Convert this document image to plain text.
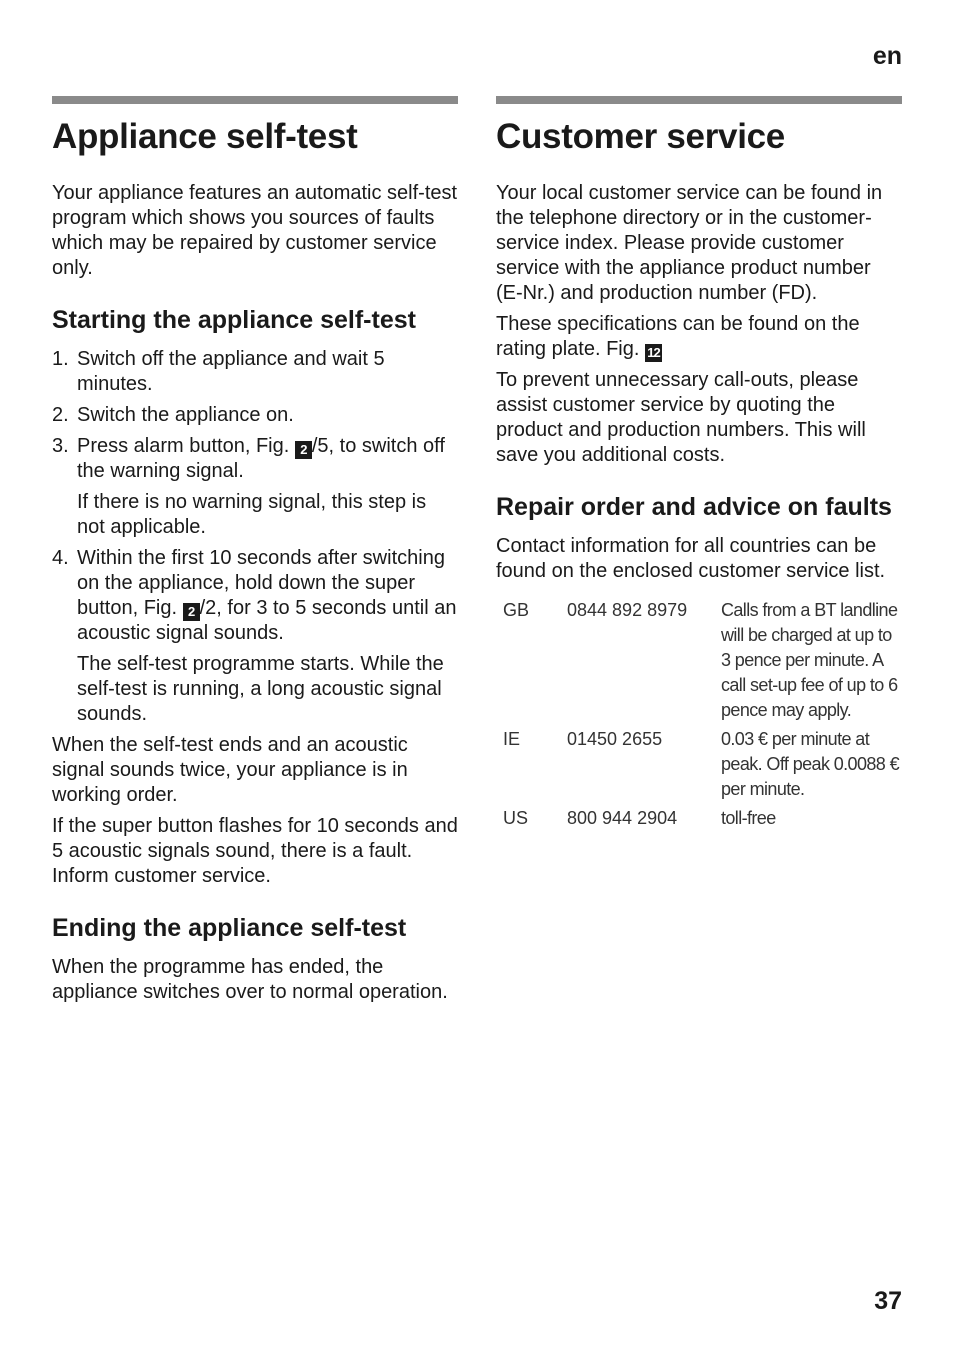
en
Appliance self-test

Your appliance features an automatic self-test program which shows you sources of faults which may be repaired by customer service only.

Starting the appliance self-test
1. Switch off the appliance and wait 5 minutes.
2. Switch the appliance on.
3. Press alarm button, Fig. 2 /5, to switch off the warning signal.
If there is no warning signal, this step is not applicable.
4. Within the first 10 seconds after switching on the appliance, hold down the super button, Fig. 2 /2, for 3 to 5 seconds until an acoustic signal sounds.
The self-test programme starts. While the self-test is running, a long acoustic signal sounds.

When the self-test ends and an acoustic signal sounds twice, your appliance is in working order.

If the super button flashes for 10 seconds and 5 acoustic signals sound, there is a fault. Inform customer service.

Ending the appliance self-test

When the programme has ended, the appliance switches over to normal operation.

Customer service

Your local customer service can be found in the telephone directory or in the customer-service index. Please provide customer service with the appliance product number (E-Nr.) and production number (FD).

These specifications can be found on the rating plate. Fig. 12

To prevent unnecessary call-outs, please assist customer service by quoting the product and production numbers. This will save you additional costs.

Repair order and advice on faults

Contact information for all countries can be found on the enclosed customer service list.

GB	0844 892 8979	Calls from a BT landline will be charged at up to 3 pence per minute. A call set-up fee of up to 6 pence may apply.
IE	01450 2655	0.03 € per minute at peak. Off peak 0.0088 € per minute.
US	800 944 2904	toll-free
37
